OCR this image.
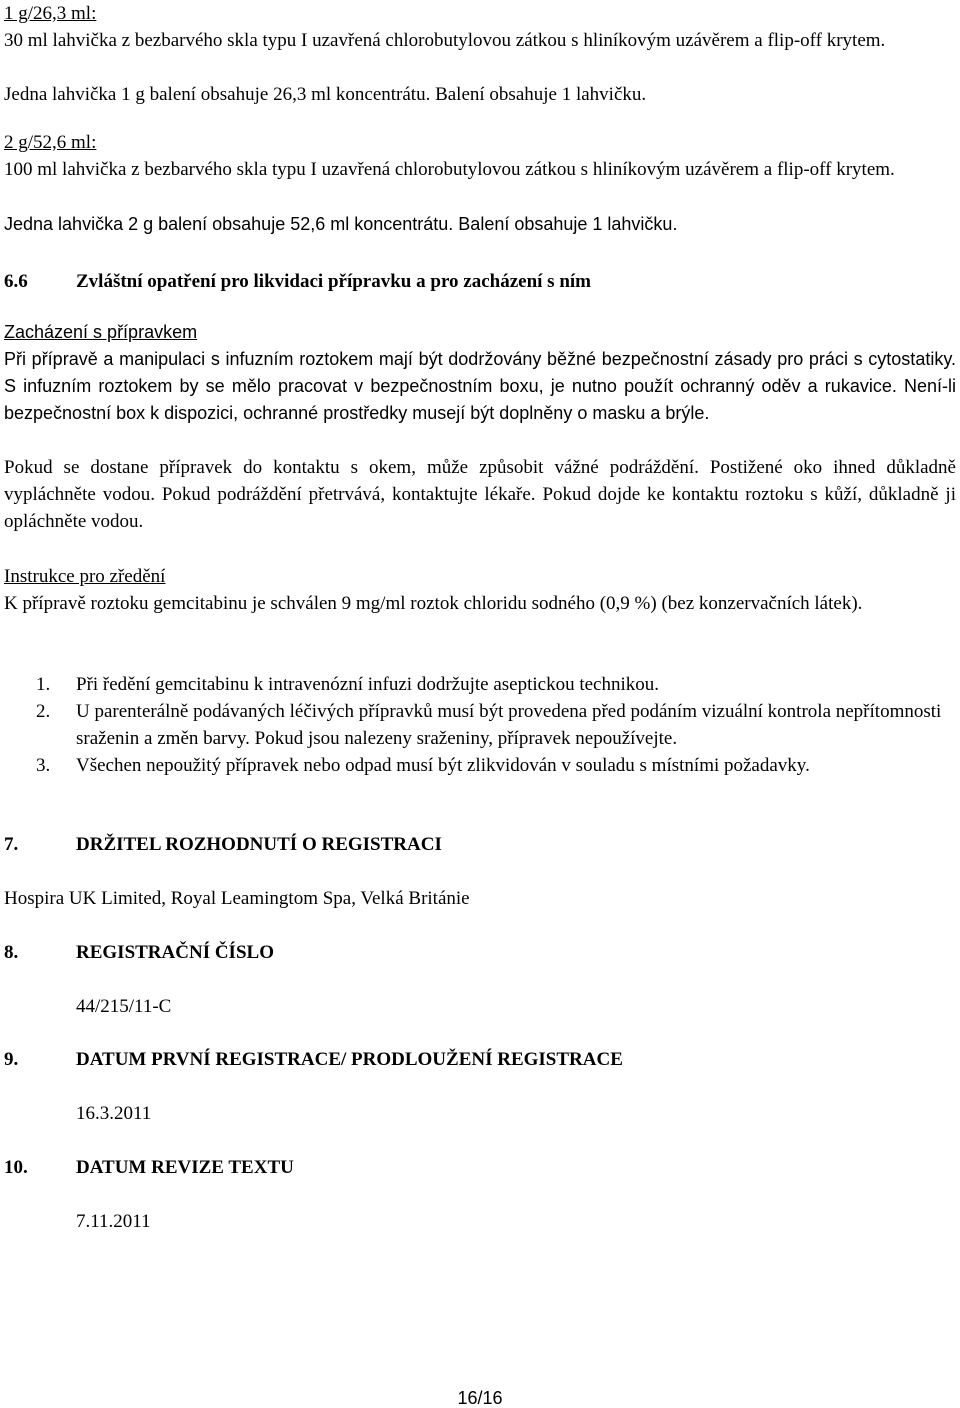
1 g/26,3 ml:
30 ml lahvička z bezbarvého skla typu I uzavřená chlorobutylovou zátkou s hliníkovým uzávěrem a flip-off krytem.
Jedna lahvička 1 g balení obsahuje 26,3 ml koncentrátu. Balení obsahuje 1 lahvičku.
2 g/52,6 ml:
100 ml lahvička z bezbarvého skla typu I uzavřená chlorobutylovou zátkou s hliníkovým uzávěrem a flip-off krytem.
Jedna lahvička 2 g balení obsahuje 52,6 ml koncentrátu. Balení obsahuje 1 lahvičku.
6.6	Zvláštní opatření pro likvidaci přípravku a pro zacházení s ním
Zacházení s přípravkem
Při přípravě a manipulaci s infuzním roztokem mají být dodržovány běžné bezpečnostní zásady pro práci s cytostatiky. S infuzním roztokem by se mělo pracovat v bezpečnostním boxu, je nutno použít ochranný oděv a rukavice. Není-li bezpečnostní box k dispozici, ochranné prostředky musejí být doplněny o masku a brýle.
Pokud se dostane přípravek do kontaktu s okem, může způsobit vážné podráždění. Postižené oko ihned důkladně vypláchněte vodou. Pokud podráždění přetrvává, kontaktujte lékaře. Pokud dojde ke kontaktu roztoku s kůží, důkladně ji opláchněte vodou.
Instrukce pro zředění
K přípravě roztoku gemcitabinu je schválen 9 mg/ml roztok chloridu sodného (0,9 %) (bez konzervačních látek).
1. Při ředění gemcitabinu k intravenózní infuzi dodržujte aseptickou technikou.
2. U parenterálně podávaných léčivých přípravků musí být provedena před podáním vizuální kontrola nepřítomnosti sraženin a změn barvy. Pokud jsou nalezeny sraženiny, přípravek nepoužívejte.
3. Všechen nepoužitý přípravek nebo odpad musí být zlikvidován v souladu s místními požadavky.
7.	DRŽITEL ROZHODNUTÍ O REGISTRACI
Hospira UK Limited, Royal Leamingtom Spa, Velká Británie
8.	REGISTRAČNÍ ČÍSLO
44/215/11-C
9.	DATUM PRVNÍ REGISTRACE/ PRODLOUŽENÍ REGISTRACE
16.3.2011
10.	DATUM REVIZE TEXTU
7.11.2011
16/16
